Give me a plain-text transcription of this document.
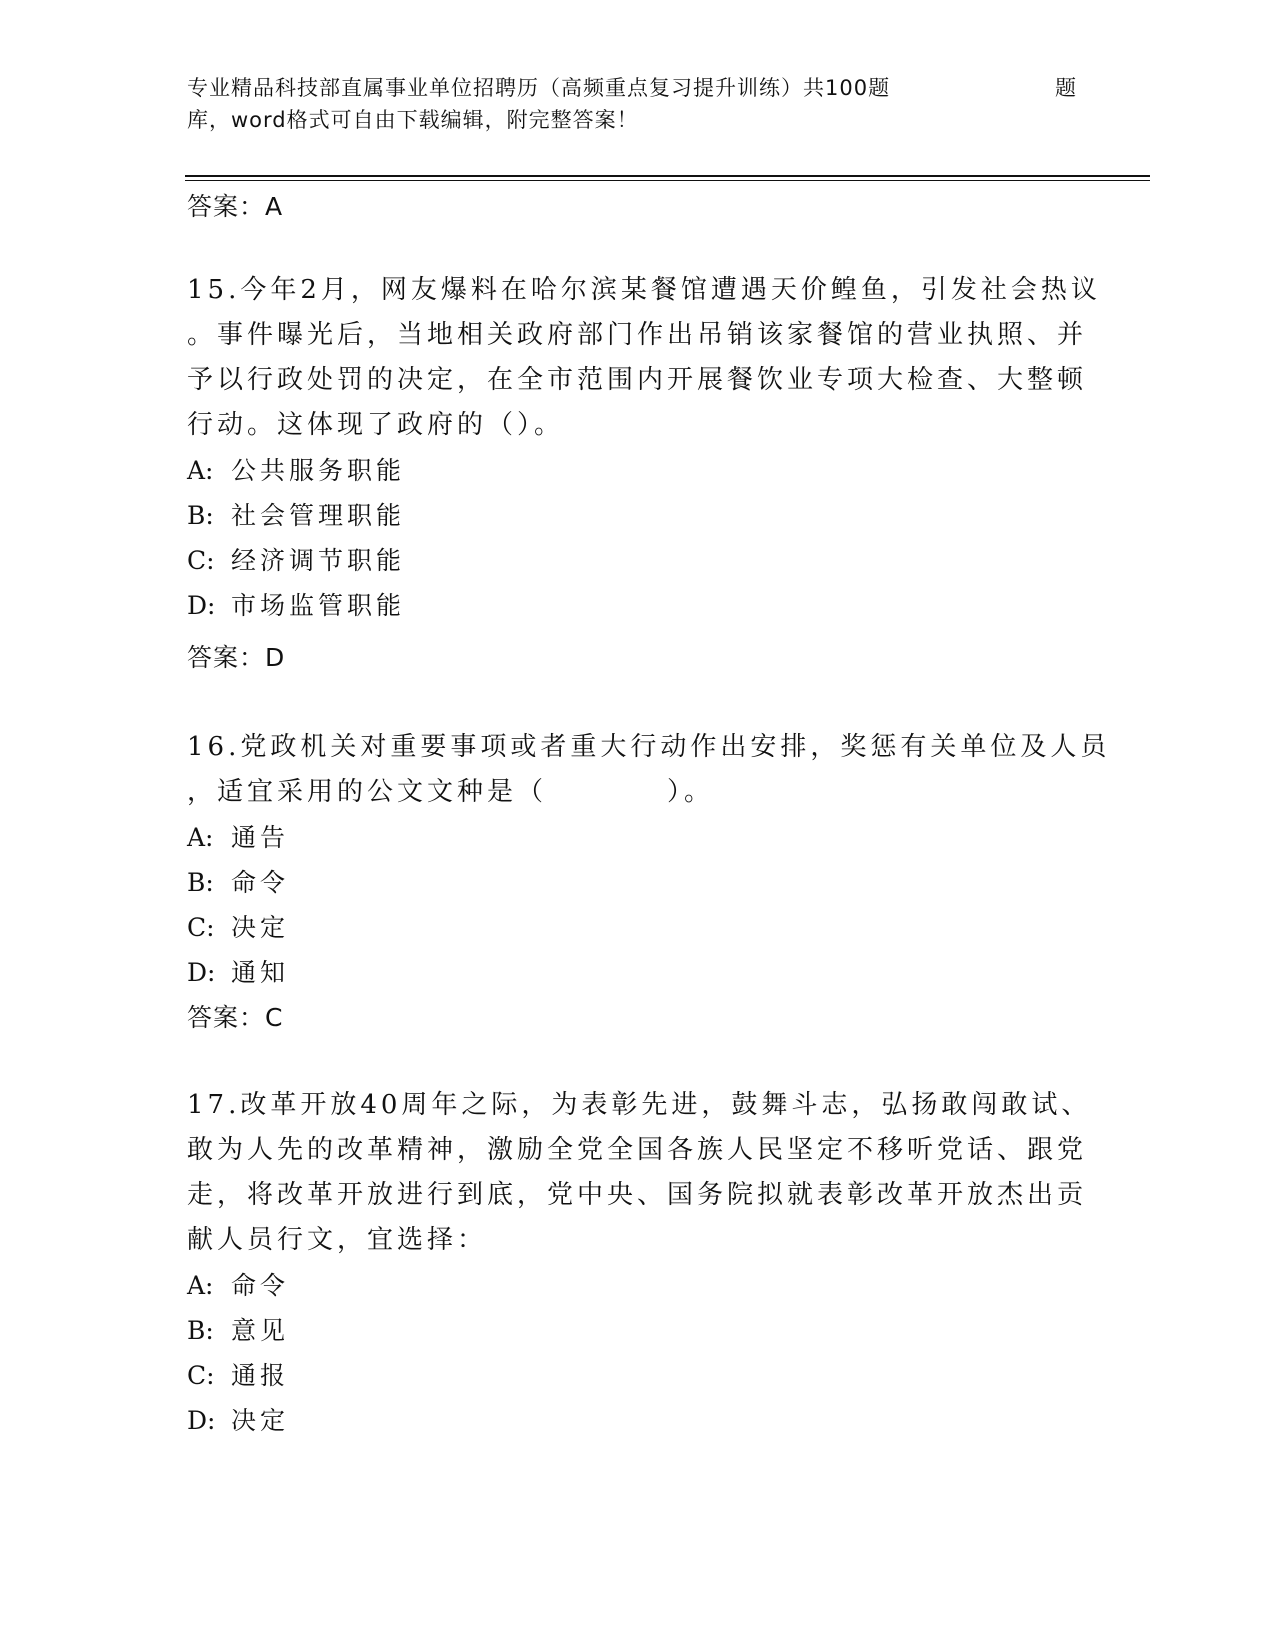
专业精品科技部直属事业单位招聘历（高频重点复习提升训练）共100题	题
库，word格式可自由下载编辑，附完整答案！
答案：A
15.今年2月，网友爆料在哈尔滨某餐馆遭遇天价鳇鱼，引发社会热议
。事件曝光后，当地相关政府部门作出吊销该家餐馆的营业执照、并
予以行政处罚的决定，在全市范围内开展餐饮业专项大检查、大整顿
行动。这体现了政府的（）。
A: 公共服务职能
B: 社会管理职能
C: 经济调节职能
D: 市场监管职能
答案：D
16.党政机关对重要事项或者重大行动作出安排，奖惩有关单位及人员
，适宜采用的公文文种是（　　　　）。
A: 通告
B: 命令
C: 决定
D: 通知
答案：C
17.改革开放40周年之际，为表彰先进，鼓舞斗志，弘扬敢闯敢试、
敢为人先的改革精神，激励全党全国各族人民坚定不移听党话、跟党
走，将改革开放进行到底，党中央、国务院拟就表彰改革开放杰出贡
献人员行文，宜选择：
A: 命令
B: 意见
C: 通报
D: 决定
